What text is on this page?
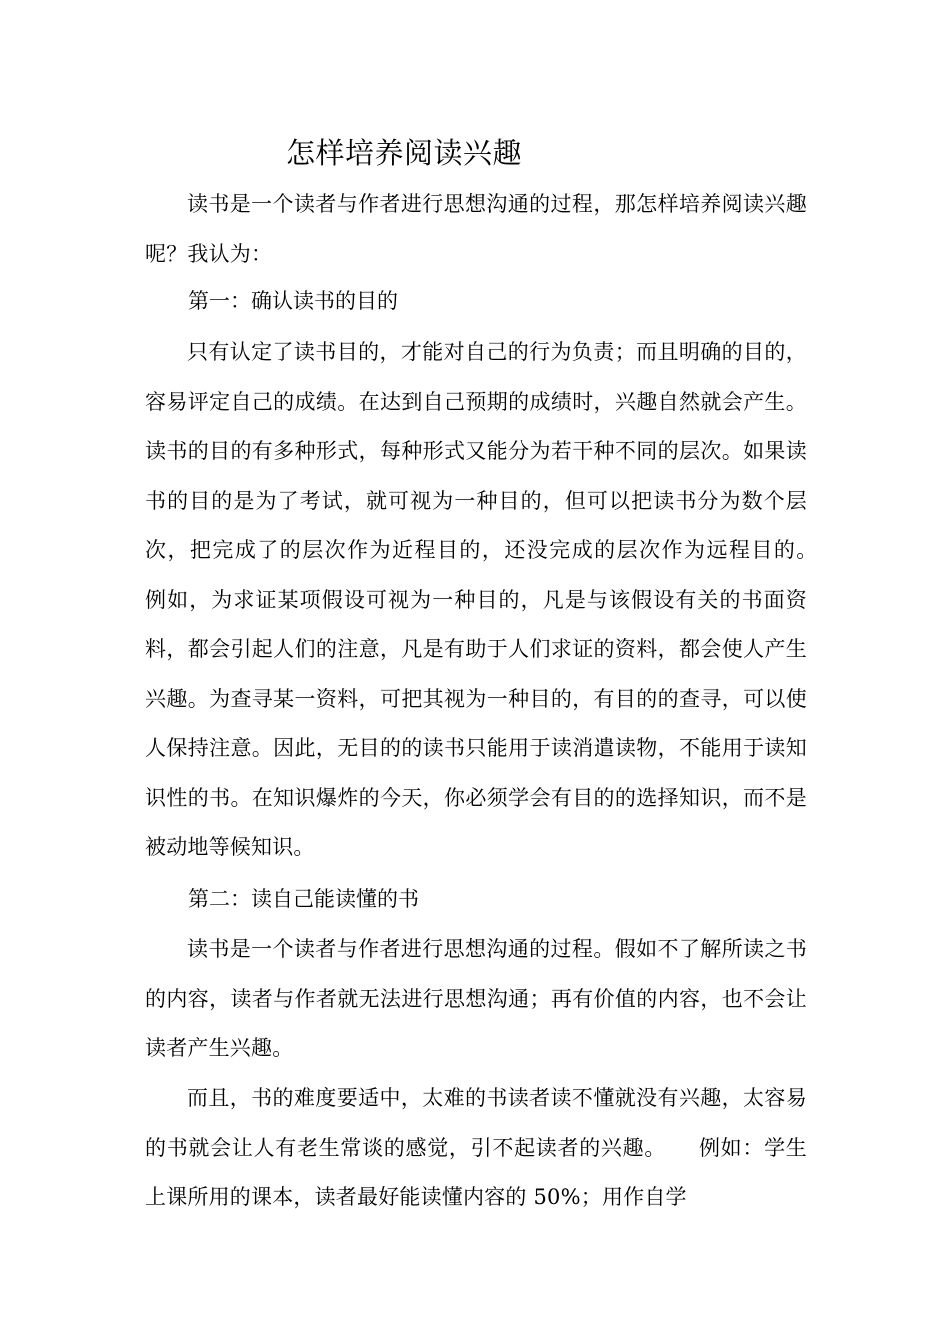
怎样培养阅读兴趣

读书是一个读者与作者进行思想沟通的过程，那怎样培养阅读兴趣呢？我认为：

第一：确认读书的目的

只有认定了读书目的，才能对自己的行为负责；而且明确的目的，容易评定自己的成绩。在达到自己预期的成绩时，兴趣自然就会产生。读书的目的有多种形式，每种形式又能分为若干种不同的层次。如果读书的目的是为了考试，就可视为一种目的，但可以把读书分为数个层次，把完成了的层次作为近程目的，还没完成的层次作为远程目的。　　例如，为求证某项假设可视为一种目的，凡是与该假设有关的书面资料，都会引起人们的注意，凡是有助于人们求证的资料，都会使人产生兴趣。为查寻某一资料，可把其视为一种目的，有目的的查寻，可以使人保持注意。因此，无目的的读书只能用于读消遣读物，不能用于读知识性的书。在知识爆炸的今天，你必须学会有目的的选择知识，而不是被动地等候知识。

第二：读自己能读懂的书

读书是一个读者与作者进行思想沟通的过程。假如不了解所读之书的内容，读者与作者就无法进行思想沟通；再有价值的内容，也不会让读者产生兴趣。

而且，书的难度要适中，太难的书读者读不懂就没有兴趣，太容易的书就会让人有老生常谈的感觉，引不起读者的兴趣。　　例如：学生上课所用的课本，读者最好能读懂内容的 50%；用作自学
